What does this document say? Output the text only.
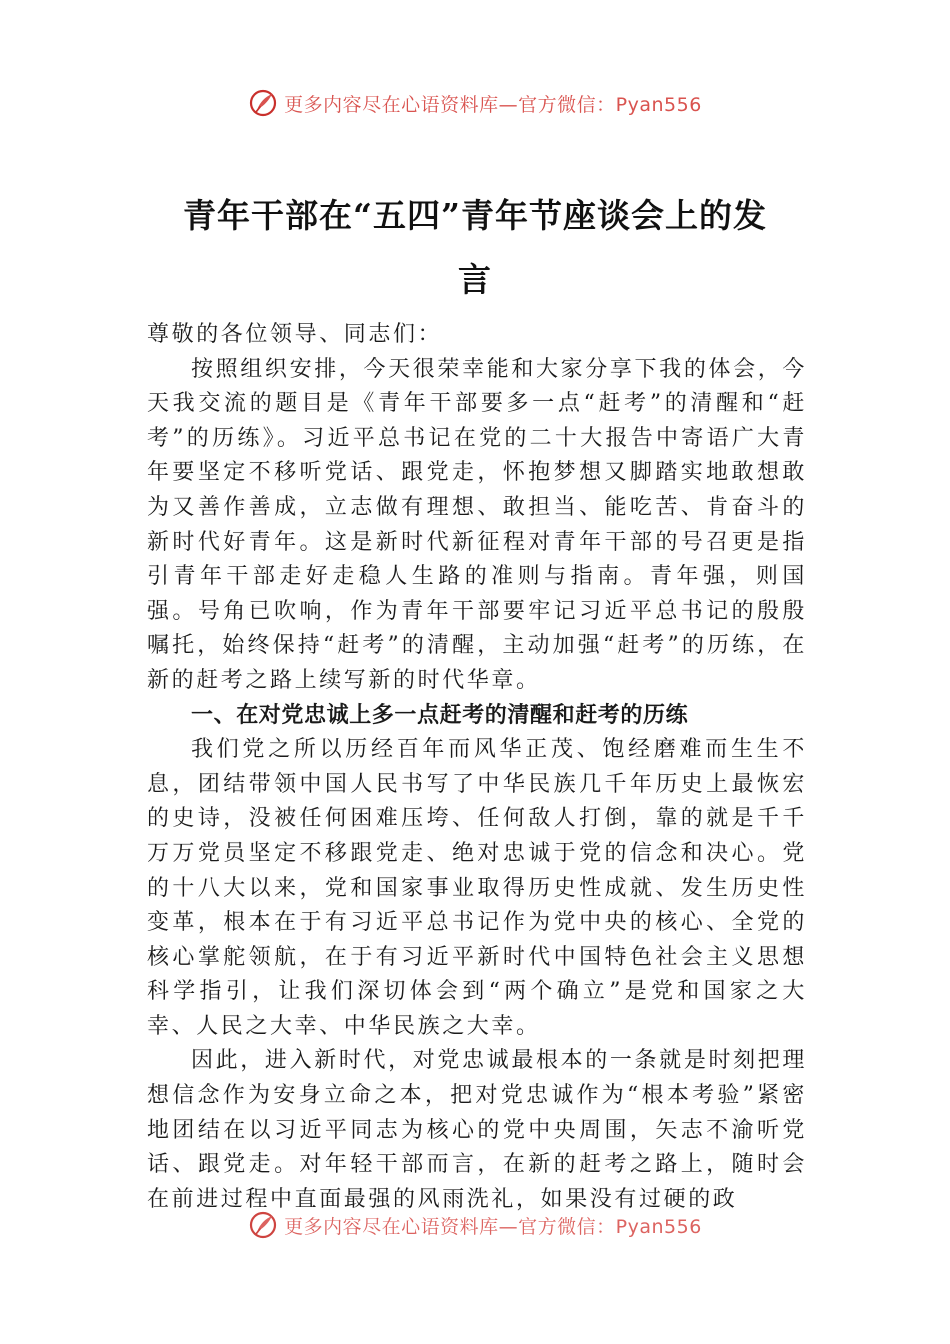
更多内容尽在心语资料库—官方微信：Pyan556
青年干部在“五四”青年节座谈会上的发
言

尊敬的各位领导、同志们：

按照组织安排，今天很荣幸能和大家分享下我的体会，今天我交流的题目是《青年干部要多一点“赶考”的清醒和“赶考”的历练》。习近平总书记在党的二十大报告中寄语广大青年要坚定不移听党话、跟党走，怀抱梦想又脚踏实地敢想敢为又善作善成，立志做有理想、敢担当、能吃苦、肯奋斗的新时代好青年。这是新时代新征程对青年干部的号召更是指引青年干部走好走稳人生路的准则与指南。青年强，则国强。号角已吹响，作为青年干部要牢记习近平总书记的殷殷嘱托，始终保持“赶考”的清醒，主动加强“赶考”的历练，在新的赶考之路上续写新的时代华章。

一、在对党忠诚上多一点赶考的清醒和赶考的历练

我们党之所以历经百年而风华正茂、饱经磨难而生生不息，团结带领中国人民书写了中华民族几千年历史上最恢宏的史诗，没被任何困难压垮、任何敌人打倒，靠的就是千千万万党员坚定不移跟党走、绝对忠诚于党的信念和决心。党的十八大以来，党和国家事业取得历史性成就、发生历史性变革，根本在于有习近平总书记作为党中央的核心、全党的核心掌舵领航，在于有习近平新时代中国特色社会主义思想科学指引，让我们深切体会到“两个确立”是党和国家之大幸、人民之大幸、中华民族之大幸。

因此，进入新时代，对党忠诚最根本的一条就是时刻把理想信念作为安身立命之本，把对党忠诚作为“根本考验”紧密地团结在以习近平同志为核心的党中央周围，矢志不渝听党话、跟党走。对年轻干部而言，在新的赶考之路上，随时会在前进过程中直面最强的风雨洗礼，如果没有过硬的政

更多内容尽在心语资料库—官方微信：Pyan556
